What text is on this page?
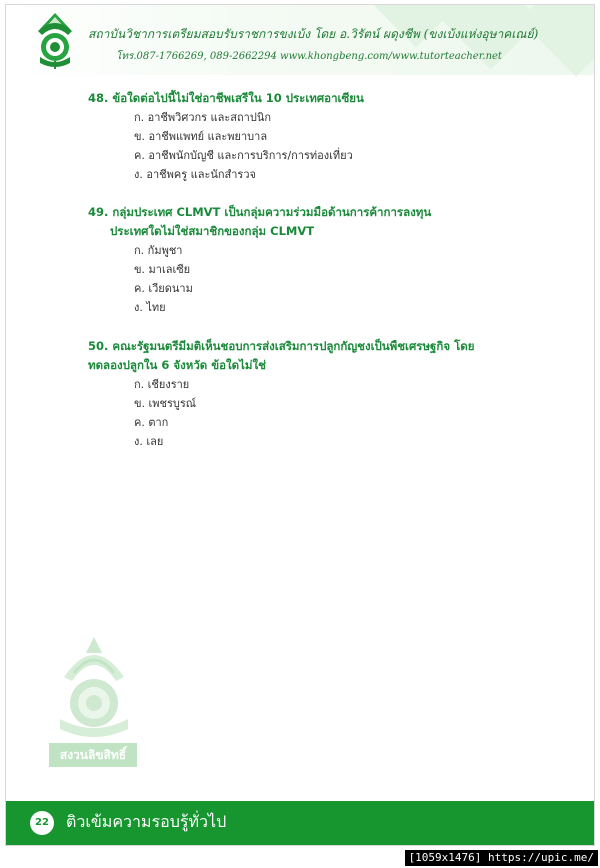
สถาบันวิชาการเตรียมสอบรับราชการขงเบ้ง โดย อ.วิรัตน์ ผดุงชีพ (ขงเบ้งแห่งอุษาคเณย์)
โทร.087-1766269, 089-2662294 www.khongbeng.com/www.tutorteacher.net
48. ข้อใดต่อไปนี้ไม่ใช่อาชีพเสรีใน 10 ประเทศอาเซียน
ก. อาชีพวิศวกร และสถาปนิก
ข. อาชีพแพทย์ และพยาบาล
ค. อาชีพนักบัญชี และการบริการ/การท่องเที่ยว
ง. อาชีพครู และนักสำรวจ
49. กลุ่มประเทศ CLMVT เป็นกลุ่มความร่วมมือด้านการค้าการลงทุน
ประเทศใดไม่ใช่สมาชิกของกลุ่ม CLMVT
ก. กัมพูชา
ข. มาเลเซีย
ค. เวียดนาม
ง. ไทย
50. คณะรัฐมนตรีมีมติเห็นชอบการส่งเสริมการปลูกกัญชงเป็นพืชเศรษฐกิจ โดย
ทดลองปลูกใน 6 จังหวัด ข้อใดไม่ใช่
ก. เชียงราย
ข. เพชรบูรณ์
ค. ตาก
ง. เลย
สงวนลิขสิทธิ์
22	ติวเข้มความรอบรู้ทั่วไป
[1059x1476] https://upic.me/
